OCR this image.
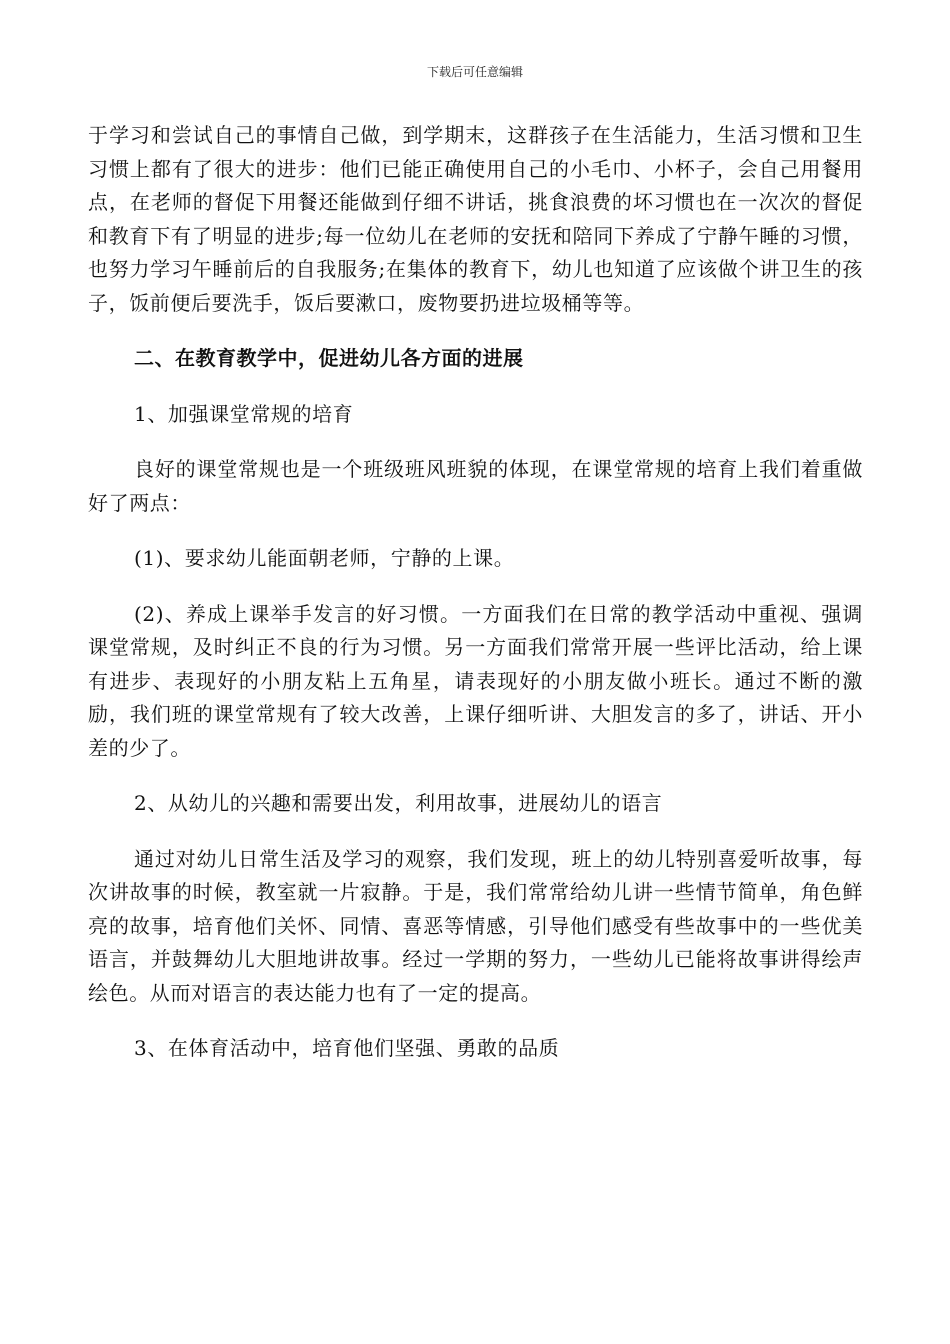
下载后可任意编辑

于学习和尝试自己的事情自己做，到学期末，这群孩子在生活能力，生活习惯和卫生习惯上都有了很大的进步：他们已能正确使用自己的小毛巾、小杯子，会自己用餐用点，在老师的督促下用餐还能做到仔细不讲话，挑食浪费的坏习惯也在一次次的督促和教育下有了明显的进步;每一位幼儿在老师的安抚和陪同下养成了宁静午睡的习惯，也努力学习午睡前后的自我服务;在集体的教育下，幼儿也知道了应该做个讲卫生的孩子，饭前便后要洗手，饭后要漱口，废物要扔进垃圾桶等等。

二、在教育教学中，促进幼儿各方面的进展

1、加强课堂常规的培育

良好的课堂常规也是一个班级班风班貌的体现，在课堂常规的培育上我们着重做好了两点：

(1)、要求幼儿能面朝老师，宁静的上课。

(2)、养成上课举手发言的好习惯。一方面我们在日常的教学活动中重视、强调课堂常规，及时纠正不良的行为习惯。另一方面我们常常开展一些评比活动，给上课有进步、表现好的小朋友粘上五角星，请表现好的小朋友做小班长。通过不断的激励，我们班的课堂常规有了较大改善，上课仔细听讲、大胆发言的多了，讲话、开小差的少了。

2、从幼儿的兴趣和需要出发，利用故事，进展幼儿的语言

通过对幼儿日常生活及学习的观察，我们发现，班上的幼儿特别喜爱听故事，每次讲故事的时候，教室就一片寂静。于是，我们常常给幼儿讲一些情节简单，角色鲜亮的故事，培育他们关怀、同情、喜恶等情感，引导他们感受有些故事中的一些优美语言，并鼓舞幼儿大胆地讲故事。经过一学期的努力，一些幼儿已能将故事讲得绘声绘色。从而对语言的表达能力也有了一定的提高。

3、在体育活动中，培育他们坚强、勇敢的品质
